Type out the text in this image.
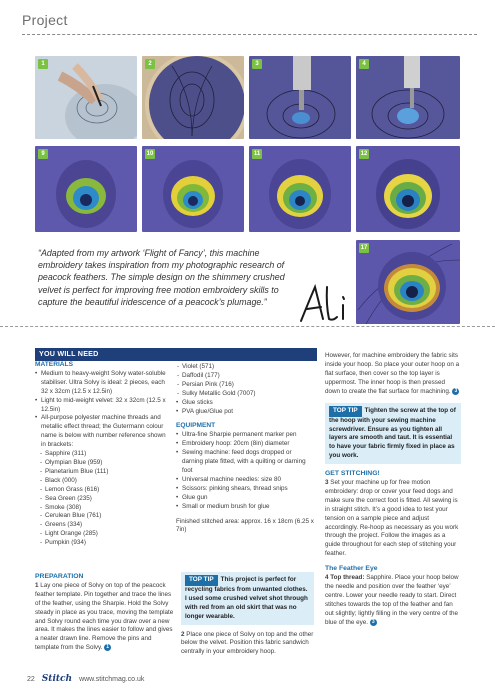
Project
1	2	3	4
9	10	11	12
“Adapted from my artwork ‘Flight of Fancy’, this machine embroidery takes inspiration from my photographic research of peacock feathers. The simple design on the shimmery crushed velvet is perfect for improving free motion embroidery skills to capture the beautiful iridescence of a peacock’s plumage.”
17
YOU WILL NEED
MATERIALS
• Medium to heavy-weight Solvy water-soluble stabiliser. Ultra Solvy is ideal: 2 pieces, each 32 x 32cm (12.5 x 12.5in)
• Light to mid-weight velvet: 32 x 32cm (12.5 x 12.5in)
• All-purpose polyester machine threads and metallic effect thread; the Gutermann colour name is below with number reference shown in brackets:
- Sapphire (311)
- Olympian Blue (959)
- Planetarium Blue (111)
- Black (000)
- Lemon Grass (616)
- Sea Green (235)
- Smoke (308)
- Cerulean Blue (761)
- Greens (334)
- Light Orange (285)
- Pumpkin (934)
- Violet (571)
- Daffodil (177)
- Persian Pink (716)
- Sulky Metallic Gold (7007)
• Glue sticks
• PVA glue/Glue pot
EQUIPMENT
• Ultra-fine Sharpie permanent marker pen
• Embroidery hoop: 20cm (8in) diameter
• Sewing machine: feed dogs dropped or darning plate fitted, with a quilting or darning foot
• Universal machine needles: size 80
• Scissors: pinking shears, thread snips
• Glue gun
• Small or medium brush for glue
Finished stitched area: approx. 16 x 18cm (6.25 x 7in)
PREPARATION
1 Lay one piece of Solvy on top of the peacock feather template. Pin together and trace the lines of the feather, using the Sharpie. Hold the Solvy steady in place as you trace, moving the template and Solvy round each time you draw over a new area. It makes the lines easier to follow and gives a neater drawn line. Remove the pins and template from the Solvy. 1
TOP TIP This project is perfect for recycling fabrics from unwanted clothes. I used some crushed velvet shot through with red from an old skirt that was no longer wearable.
2 Place one piece of Solvy on top and the other below the velvet. Position this fabric sandwich centrally in your embroidery hoop.
However, for machine embroidery the fabric sits inside your hoop. So place your outer hoop on a flat surface, then cover so the top layer is uppermost. The inner hoop is then pressed down to create the flat surface for machining. 3
TOP TIP Tighten the screw at the top of the hoop with your sewing machine screwdriver. Ensure as you tighten all layers are smooth and taut. It is essential to have your fabric firmly fixed in place as you work.
GET STITCHING!
3 Set your machine up for free motion embroidery: drop or cover your feed dogs and make sure the correct foot is fitted. All sewing is in straight stitch. It’s a good idea to test your tension on a sample piece and adjust accordingly. Re-hoop as necessary as you work through the project. Follow the images as a guide throughout for each step of stitching your feather.
The Feather Eye
4 Top thread: Sapphire. Place your hoop below the needle and position over the feather ‘eye’ centre. Lower your needle ready to start. Direct stitches towards the top of the feather and fan out slightly; lightly filling in the very centre of the blue of the eye. 3
22 Stitch www.stitchmag.co.uk
